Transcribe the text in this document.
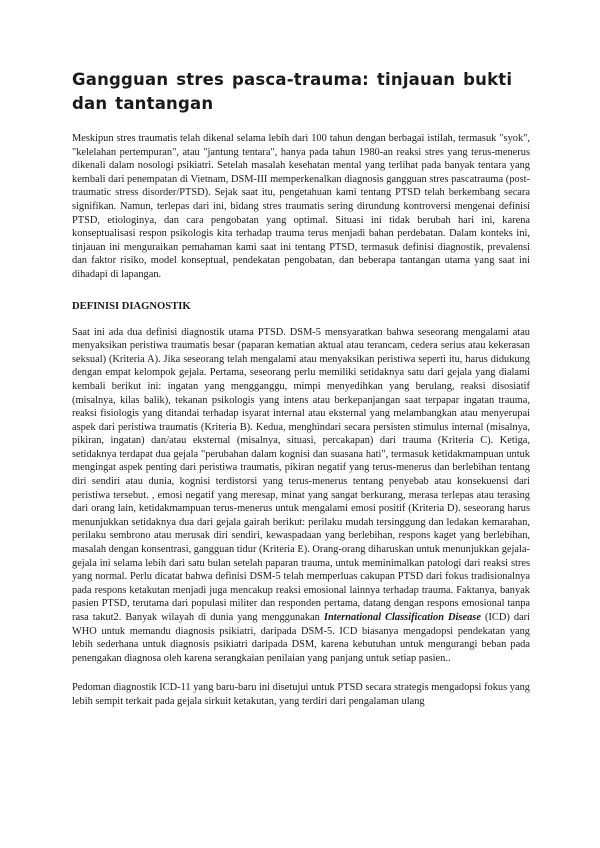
Gangguan stres pasca-trauma: tinjauan bukti dan tantangan

Meskipun stres traumatis telah dikenal selama lebih dari 100 tahun dengan berbagai istilah, termasuk "syok", "kelelahan pertempuran", atau "jantung tentara", hanya pada tahun 1980-an reaksi stres yang terus-menerus dikenali dalam nosologi psikiatri. Setelah masalah kesehatan mental yang terlihat pada banyak tentara yang kembali dari penempatan di Vietnam, DSM-III memperkenalkan diagnosis gangguan stres pascatrauma (post-traumatic stress disorder/PTSD). Sejak saat itu, pengetahuan kami tentang PTSD telah berkembang secara signifikan. Namun, terlepas dari ini, bidang stres traumatis sering dirundung kontroversi mengenai definisi PTSD, etiologinya, dan cara pengobatan yang optimal. Situasi ini tidak berubah hari ini, karena konseptualisasi respon psikologis kita terhadap trauma terus menjadi bahan perdebatan. Dalam konteks ini, tinjauan ini menguraikan pemahaman kami saat ini tentang PTSD, termasuk definisi diagnostik, prevalensi dan faktor risiko, model konseptual, pendekatan pengobatan, dan beberapa tantangan utama yang saat ini dihadapi di lapangan.

DEFINISI DIAGNOSTIK

Saat ini ada dua definisi diagnostik utama PTSD. DSM-5 mensyaratkan bahwa seseorang mengalami atau menyaksikan peristiwa traumatis besar (paparan kematian aktual atau terancam, cedera serius atau kekerasan seksual) (Kriteria A). Jika seseorang telah mengalami atau menyaksikan peristiwa seperti itu, harus didukung dengan empat kelompok gejala. Pertama, seseorang perlu memiliki setidaknya satu dari gejala yang dialami kembali berikut ini: ingatan yang mengganggu, mimpi menyedihkan yang berulang, reaksi disosiatif (misalnya, kilas balik), tekanan psikologis yang intens atau berkepanjangan saat terpapar ingatan trauma, reaksi fisiologis yang ditandai terhadap isyarat internal atau eksternal yang melambangkan atau menyerupai aspek dari peristiwa traumatis (Kriteria B). Kedua, menghindari secara persisten stimulus internal (misalnya, pikiran, ingatan) dan/atau eksternal (misalnya, situasi, percakapan) dari trauma (Kriteria C). Ketiga, setidaknya terdapat dua gejala "perubahan dalam kognisi dan suasana hati", termasuk ketidakmampuan untuk mengingat aspek penting dari peristiwa traumatis, pikiran negatif yang terus-menerus dan berlebihan tentang diri sendiri atau dunia, kognisi terdistorsi yang terus-menerus tentang penyebab atau konsekuensi dari peristiwa tersebut. , emosi negatif yang meresap, minat yang sangat berkurang, merasa terlepas atau terasing dari orang lain, ketidakmampuan terus-menerus untuk mengalami emosi positif (Kriteria D). seseorang harus menunjukkan setidaknya dua dari gejala gairah berikut: perilaku mudah tersinggung dan ledakan kemarahan, perilaku sembrono atau merusak diri sendiri, kewaspadaan yang berlebihan, respons kaget yang berlebihan, masalah dengan konsentrasi, gangguan tidur (Kriteria E). Orang-orang diharuskan untuk menunjukkan gejala-gejala ini selama lebih dari satu bulan setelah paparan trauma, untuk meminimalkan patologi dari reaksi stres yang normal. Perlu dicatat bahwa definisi DSM-5 telah memperluas cakupan PTSD dari fokus tradisionalnya pada respons ketakutan menjadi juga mencakup reaksi emosional lainnya terhadap trauma. Faktanya, banyak pasien PTSD, terutama dari populasi militer dan responden pertama, datang dengan respons emosional tanpa rasa takut2. Banyak wilayah di dunia yang menggunakan International Classification Disease (ICD) dari WHO untuk memandu diagnosis psikiatri, daripada DSM-5. ICD biasanya mengadopsi pendekatan yang lebih sederhana untuk diagnosis psikiatri daripada DSM, karena kebutuhan untuk mengurangi beban pada penengakan diagnosa oleh karena serangkaian penilaian yang panjang untuk setiap pasien..

Pedoman diagnostik ICD-11 yang baru-baru ini disetujui untuk PTSD secara strategis mengadopsi fokus yang lebih sempit terkait pada gejala sirkuit ketakutan, yang terdiri dari pengalaman ulang
